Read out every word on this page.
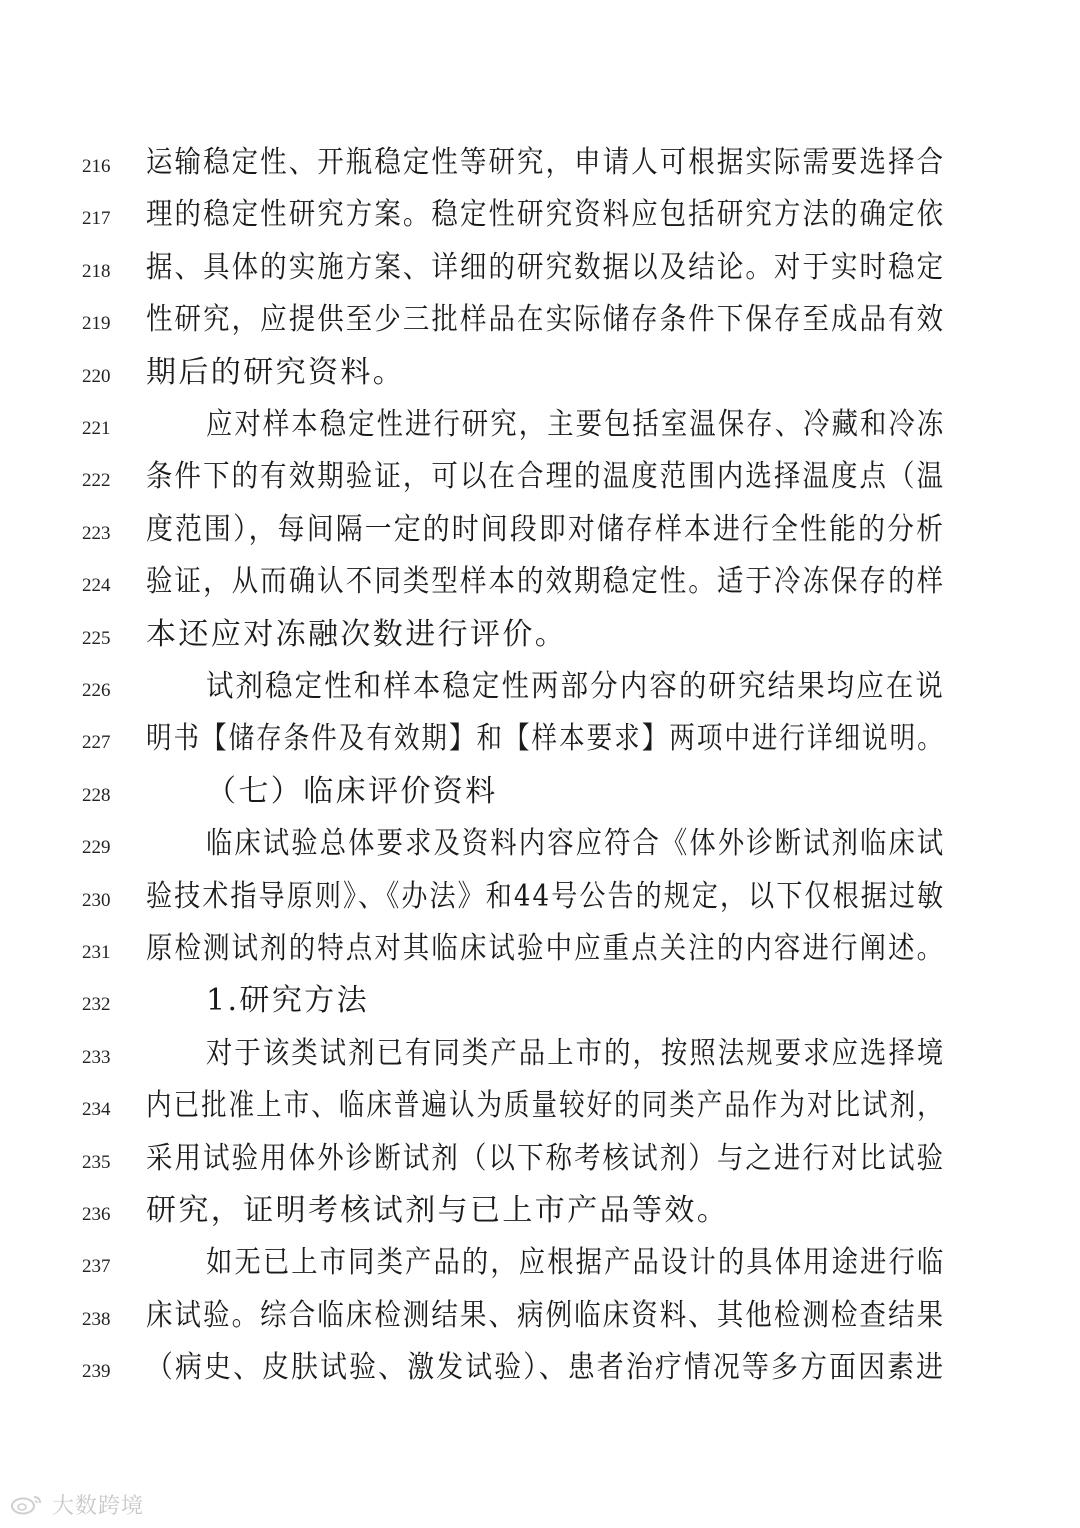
216	运输稳定性、开瓶稳定性等研究，申请人可根据实际需要选择合
217	理的稳定性研究方案。稳定性研究资料应包括研究方法的确定依
218	据、具体的实施方案、详细的研究数据以及结论。对于实时稳定
219	性研究，应提供至少三批样品在实际储存条件下保存至成品有效
220	期后的研究资料。
221	应对样本稳定性进行研究，主要包括室温保存、冷藏和冷冻
222	条件下的有效期验证，可以在合理的温度范围内选择温度点（温
223	度范围），每间隔一定的时间段即对储存样本进行全性能的分析
224	验证，从而确认不同类型样本的效期稳定性。适于冷冻保存的样
225	本还应对冻融次数进行评价。
226	试剂稳定性和样本稳定性两部分内容的研究结果均应在说
227	明书【储存条件及有效期】和【样本要求】两项中进行详细说明。
228	（七）临床评价资料
229	临床试验总体要求及资料内容应符合《体外诊断试剂临床试
230	验技术指导原则》、《办法》和44号公告的规定，以下仅根据过敏
231	原检测试剂的特点对其临床试验中应重点关注的内容进行阐述。
232	1.研究方法
233	对于该类试剂已有同类产品上市的，按照法规要求应选择境
234	内已批准上市、临床普遍认为质量较好的同类产品作为对比试剂，
235	采用试验用体外诊断试剂（以下称考核试剂）与之进行对比试验
236	研究，证明考核试剂与已上市产品等效。
237	如无已上市同类产品的，应根据产品设计的具体用途进行临
238	床试验。综合临床检测结果、病例临床资料、其他检测检查结果
239	（病史、皮肤试验、激发试验）、患者治疗情况等多方面因素进
大数跨境
